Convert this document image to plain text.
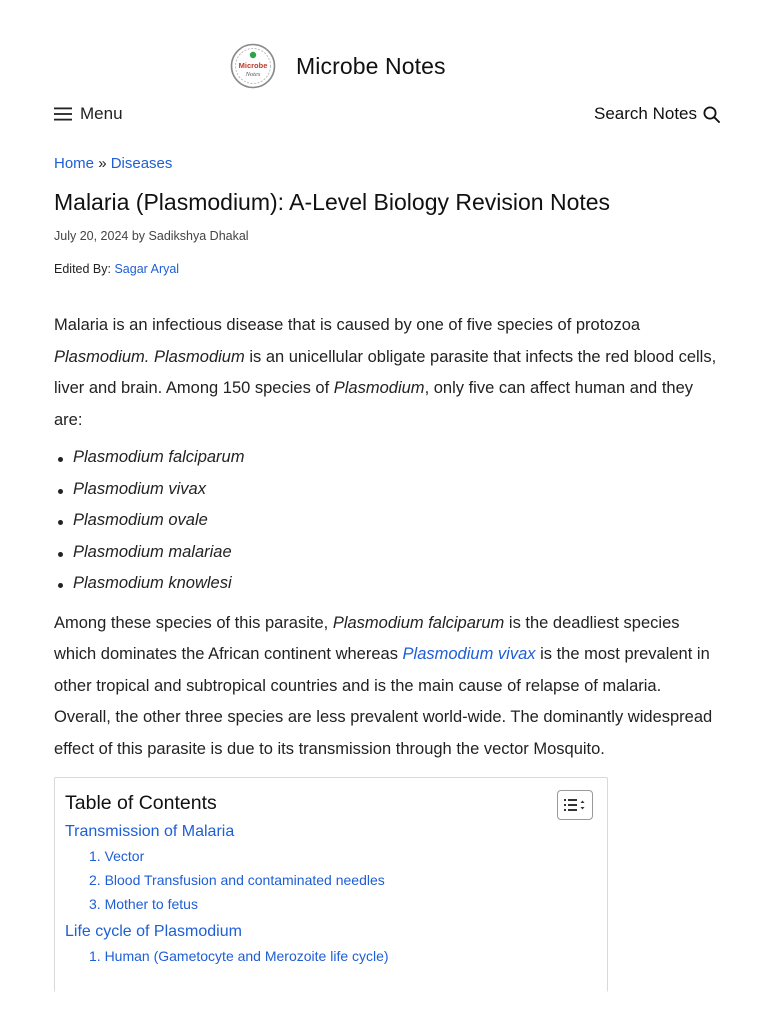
Microbe
Notes Microbe Notes
Menu	Search Notes
Home » Diseases
Malaria (Plasmodium): A-Level Biology Revision Notes
July 20, 2024 by Sadikshya Dhakal
Edited By: Sagar Aryal

Malaria is an infectious disease that is caused by one of five species of protozoa Plasmodium. Plasmodium is an unicellular obligate parasite that infects the red blood cells, liver and brain. Among 150 species of Plasmodium, only five can affect human and they are:

Plasmodium falciparum
Plasmodium vivax
Plasmodium ovale
Plasmodium malariae
Plasmodium knowlesi

Among these species of this parasite, Plasmodium falciparum is the deadliest species which dominates the African continent whereas Plasmodium vivax is the most prevalent in other tropical and subtropical countries and is the main cause of relapse of malaria. Overall, the other three species are less prevalent world-wide. The dominantly widespread effect of this parasite is due to its transmission through the vector Mosquito.

Table of Contents
Transmission of Malaria
1. Vector
2. Blood Transfusion and contaminated needles
3. Mother to fetus
Life cycle of Plasmodium
1. Human (Gametocyte and Merozoite life cycle)
